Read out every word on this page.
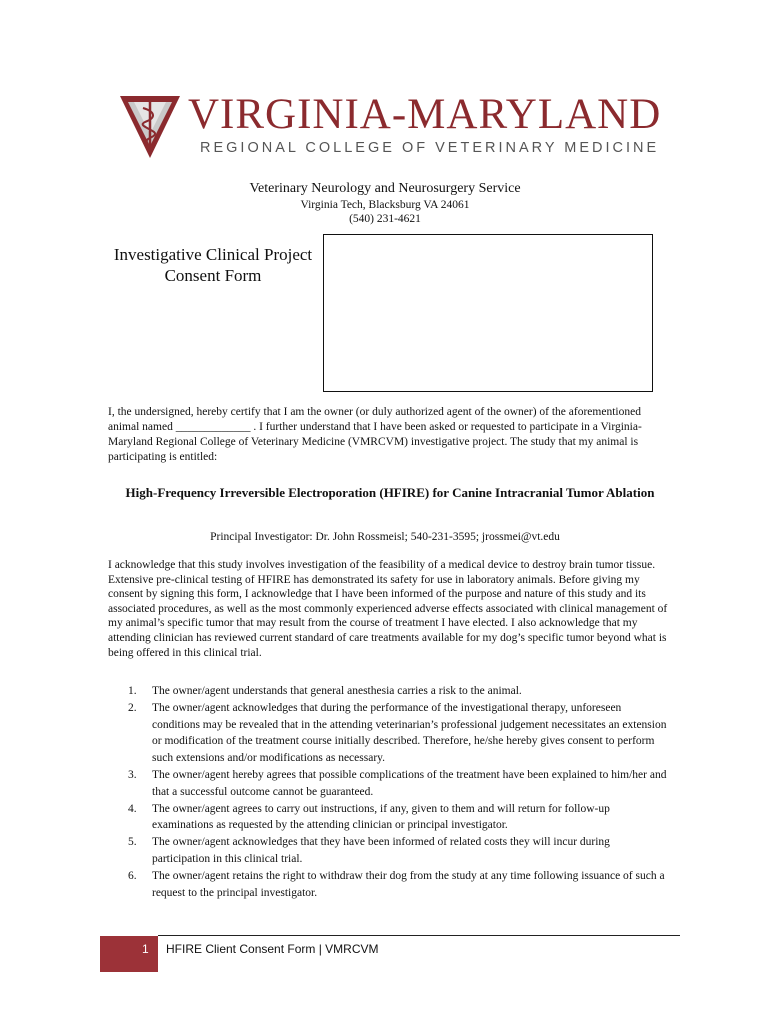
VIRGINIA-MARYLAND
REGIONAL COLLEGE OF VETERINARY MEDICINE
Veterinary Neurology and Neurosurgery Service
Virginia Tech, Blacksburg VA 24061
(540) 231-4621
Investigative Clinical Project
Consent Form
I, the undersigned, hereby certify that I am the owner (or duly authorized agent of the owner) of the aforementioned animal named _____________ . I further understand that I have been asked or requested to participate in a Virginia-Maryland Regional College of Veterinary Medicine (VMRCVM) investigative project. The study that my animal is participating is entitled:
High-Frequency Irreversible Electroporation (HFIRE) for Canine Intracranial Tumor Ablation
Principal Investigator: Dr. John Rossmeisl; 540-231-3595; jrossmei@vt.edu
I acknowledge that this study involves investigation of the feasibility of a medical device to destroy brain tumor tissue. Extensive pre-clinical testing of HFIRE has demonstrated its safety for use in laboratory animals. Before giving my consent by signing this form, I acknowledge that I have been informed of the purpose and nature of this study and its associated procedures, as well as the most commonly experienced adverse effects associated with clinical management of my animal’s specific tumor that may result from the course of treatment I have elected. I also acknowledge that my attending clinician has reviewed current standard of care treatments available for my dog’s specific tumor beyond what is being offered in this clinical trial.
1. The owner/agent understands that general anesthesia carries a risk to the animal.
2. The owner/agent acknowledges that during the performance of the investigational therapy, unforeseen conditions may be revealed that in the attending veterinarian’s professional judgement necessitates an extension or modification of the treatment course initially described. Therefore, he/she hereby gives consent to perform such extensions and/or modifications as necessary.
3. The owner/agent hereby agrees that possible complications of the treatment have been explained to him/her and that a successful outcome cannot be guaranteed.
4. The owner/agent agrees to carry out instructions, if any, given to them and will return for follow-up examinations as requested by the attending clinician or principal investigator.
5. The owner/agent acknowledges that they have been informed of related costs they will incur during participation in this clinical trial.
6. The owner/agent retains the right to withdraw their dog from the study at any time following issuance of such a request to the principal investigator.
1 HFIRE Client Consent Form | VMRCVM
